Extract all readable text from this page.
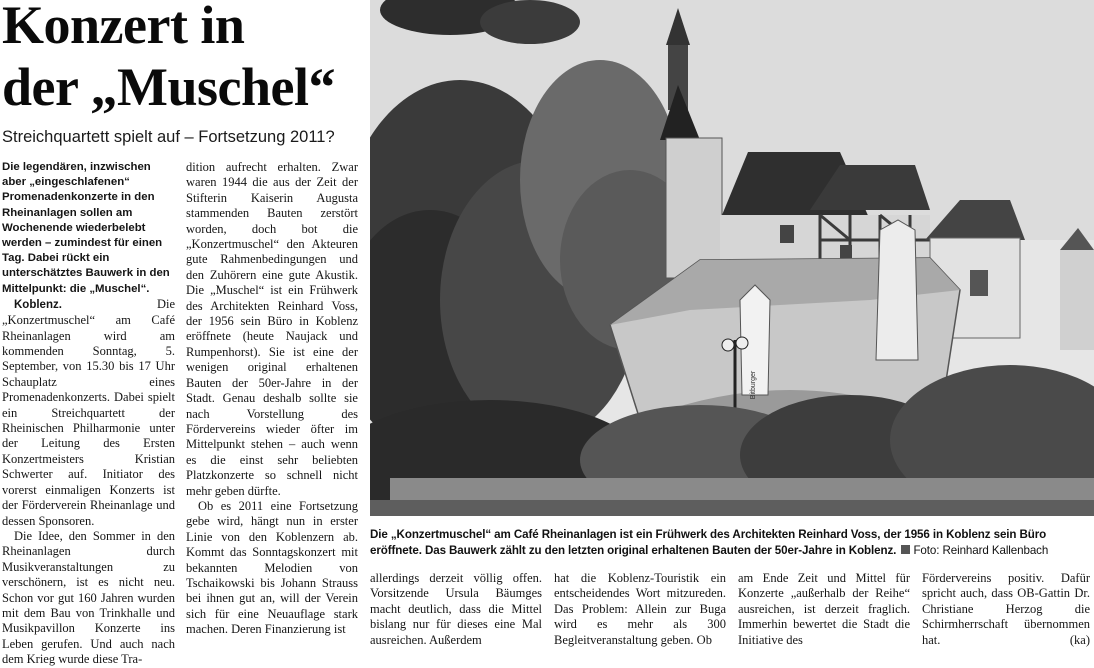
Konzert in
der „Muschel“
Streichquartett spielt auf – Fortsetzung 2011?

Die legendären, inzwischen aber „eingeschlafenen“ Promenadenkonzerte in den Rheinanlagen sollen am Wochenende wiederbelebt werden – zumindest für einen Tag. Dabei rückt ein unterschätztes Bauwerk in den Mittelpunkt: die „Muschel“.

Koblenz.	Die „Konzertmuschel“ am Café Rheinanlagen wird am kommenden Sonntag, 5. September, von 15.30 bis 17 Uhr Schauplatz eines Promenadenkonzerts. Dabei spielt ein Streichquartett der Rheinischen Philharmonie unter der Leitung des Ersten Konzertmeisters Kristian Schwerter auf. Initiator des vorerst einmaligen Konzerts ist der Förderverein Rheinanlage und dessen Sponsoren.

Die Idee, den Sommer in den Rheinanlagen durch Musikveranstaltungen zu verschönern, ist es nicht neu. Schon vor gut 160 Jahren wurden mit dem Bau von Trinkhalle und Musikpavillon Konzerte ins Leben gerufen. Und auch nach dem Krieg wurde diese Tra-

dition aufrecht erhalten. Zwar waren 1944 die aus der Zeit der Stifterin Kaiserin Augusta stammenden Bauten zerstört worden, doch bot die „Konzertmuschel“ den Akteuren gute Rahmenbedingungen und den Zuhörern eine gute Akustik. Die „Muschel“ ist ein Frühwerk des Architekten Reinhard Voss, der 1956 sein Büro in Koblenz eröffnete (heute Naujack und Rumpenhorst). Sie ist eine der wenigen original erhaltenen Bauten der 50er-Jahre in der Stadt. Genau deshalb sollte sie nach Vorstellung des Fördervereins wieder öfter im Mittelpunkt stehen – auch wenn es die einst sehr beliebten Platzkonzerte so schnell nicht mehr geben dürfte.

Ob es 2011 eine Fortsetzung gebe wird, hängt nun in erster Linie von den Koblenzern ab. Kommt das Sonntagskonzert mit bekannten Melodien von Tschaikowski bis Johann Strauss bei ihnen gut an, will der Verein sich für eine Neuauflage stark machen. Deren Finanzierung ist

Bitburger
Die „Konzertmuschel“ am Café Rheinanlagen ist ein Frühwerk des Architekten Reinhard Voss, der 1956 in Koblenz sein Büro eröffnete. Das Bauwerk zählt zu den letzten original erhaltenen Bauten der 50er-Jahre in Koblenz. Foto: Reinhard Kallenbach

allerdings derzeit völlig offen. Vorsitzende Ursula Bäumges macht deutlich, dass die Mittel bislang nur für dieses eine Mal ausreichen. Außerdem

hat die Koblenz-Touristik ein entscheidendes Wort mitzureden. Das Problem: Allein zur Buga wird es mehr als 300 Begleitveranstaltung geben. Ob

am Ende Zeit und Mittel für Konzerte „außerhalb der Reihe“ ausreichen, ist derzeit fraglich. Immerhin bewertet die Stadt die Initiative des

Fördervereins positiv. Dafür spricht auch, dass OB-Gattin Dr. Christiane Herzog die Schirmherrschaft übernommen hat.	(ka)
